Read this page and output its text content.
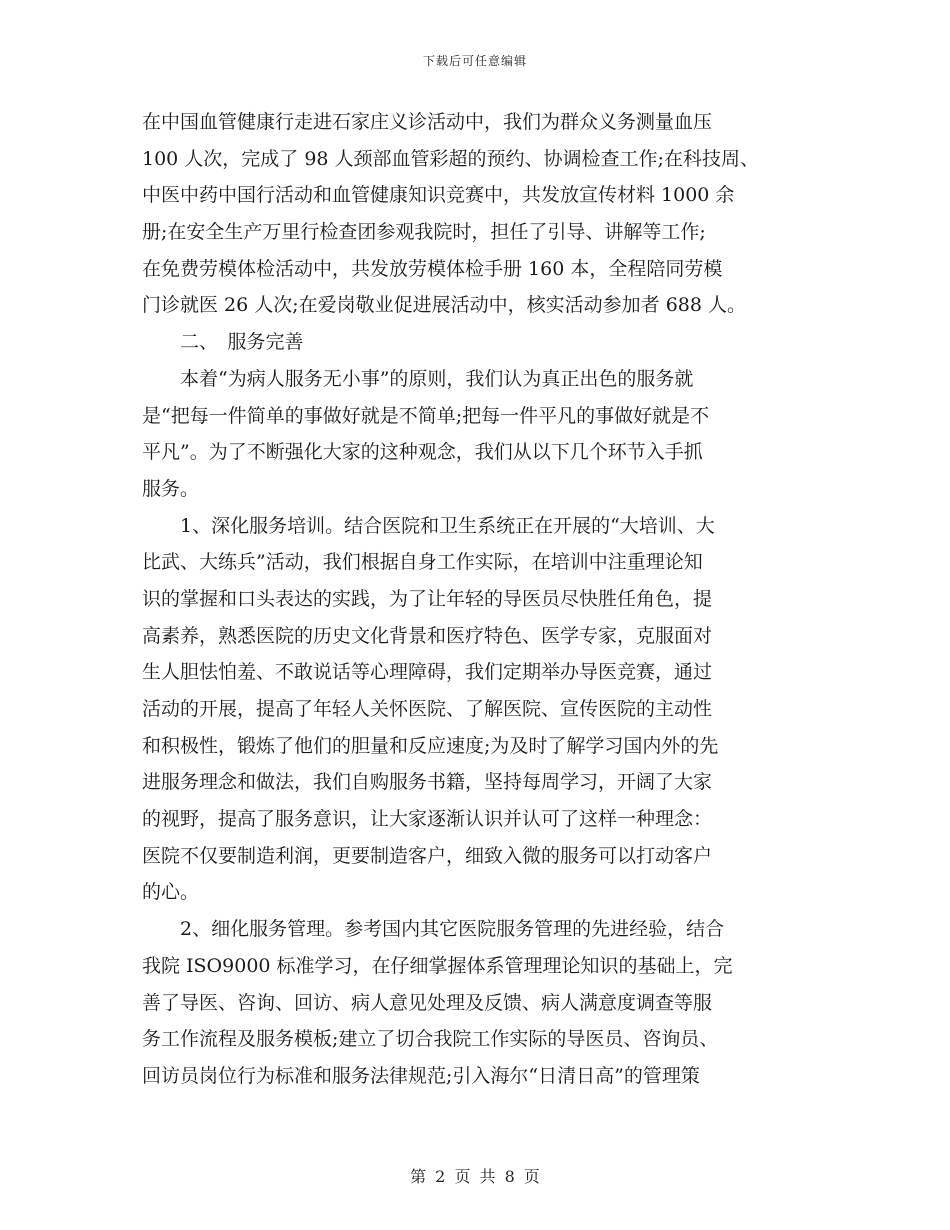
下载后可任意编辑
在中国血管健康行走进石家庄义诊活动中，我们为群众义务测量血压
100 人次，完成了 98 人颈部血管彩超的预约、协调检查工作;在科技周、
中医中药中国行活动和血管健康知识竞赛中，共发放宣传材料 1000 余
册;在安全生产万里行检查团参观我院时，担任了引导、讲解等工作;
在免费劳模体检活动中，共发放劳模体检手册 160 本，全程陪同劳模
门诊就医 26 人次;在爱岗敬业促进展活动中，核实活动参加者 688 人。
　　二、　服务完善
　　本着“为病人服务无小事”的原则，我们认为真正出色的服务就
是“把每一件简单的事做好就是不简单;把每一件平凡的事做好就是不
平凡”。为了不断强化大家的这种观念，我们从以下几个环节入手抓
服务。
　　1、深化服务培训。结合医院和卫生系统正在开展的“大培训、大
比武、大练兵”活动，我们根据自身工作实际，在培训中注重理论知
识的掌握和口头表达的实践，为了让年轻的导医员尽快胜任角色，提
高素养，熟悉医院的历史文化背景和医疗特色、医学专家，克服面对
生人胆怯怕羞、不敢说话等心理障碍，我们定期举办导医竞赛，通过
活动的开展，提高了年轻人关怀医院、了解医院、宣传医院的主动性
和积极性，锻炼了他们的胆量和反应速度;为及时了解学习国内外的先
进服务理念和做法，我们自购服务书籍，坚持每周学习，开阔了大家
的视野，提高了服务意识，让大家逐渐认识并认可了这样一种理念：
医院不仅要制造利润，更要制造客户，细致入微的服务可以打动客户
的心。
　　2、细化服务管理。参考国内其它医院服务管理的先进经验，结合
我院 ISO9000 标准学习，在仔细掌握体系管理理论知识的基础上，完
善了导医、咨询、回访、病人意见处理及反馈、病人满意度调查等服
务工作流程及服务模板;建立了切合我院工作实际的导医员、咨询员、
回访员岗位行为标准和服务法律规范;引入海尔“日清日高”的管理策
第 2 页 共 8 页
